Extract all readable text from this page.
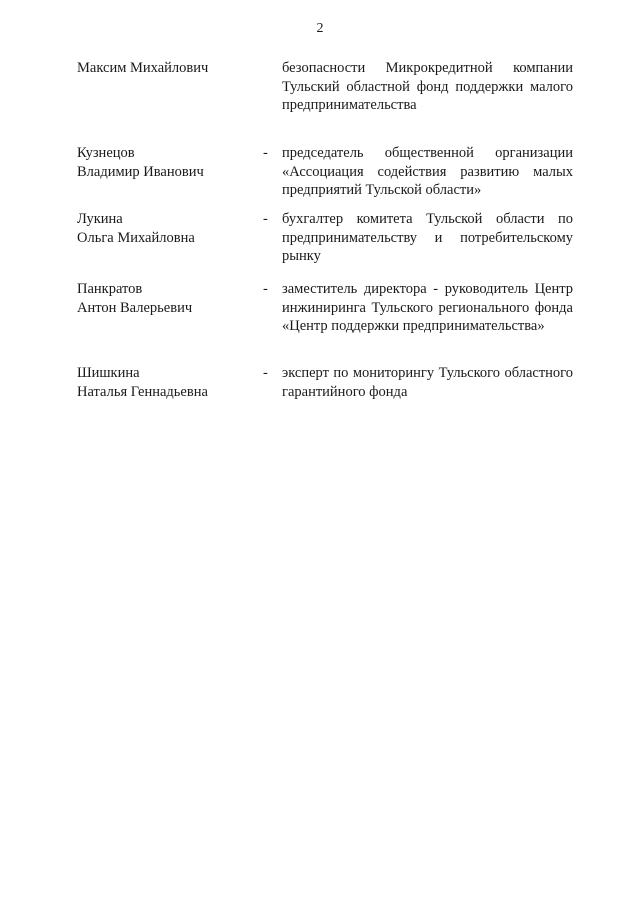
2
Максим Михайлович	безопасности Микрокредитной компании Тульский областной фонд поддержки малого предпринимательства
Кузнецов
Владимир Иванович
- председатель общественной организации «Ассоциация содействия развитию малых предприятий Тульской области»
Лукина
Ольга Михайловна
- бухгалтер комитета Тульской области по предпринимательству и потребительскому рынку
Панкратов
Антон Валерьевич
- заместитель директора - руководитель Центр инжиниринга Тульского регионального фонда «Центр поддержки предпринимательства»
Шишкина
Наталья Геннадьевна
- эксперт по мониторингу Тульского областного гарантийного фонда
